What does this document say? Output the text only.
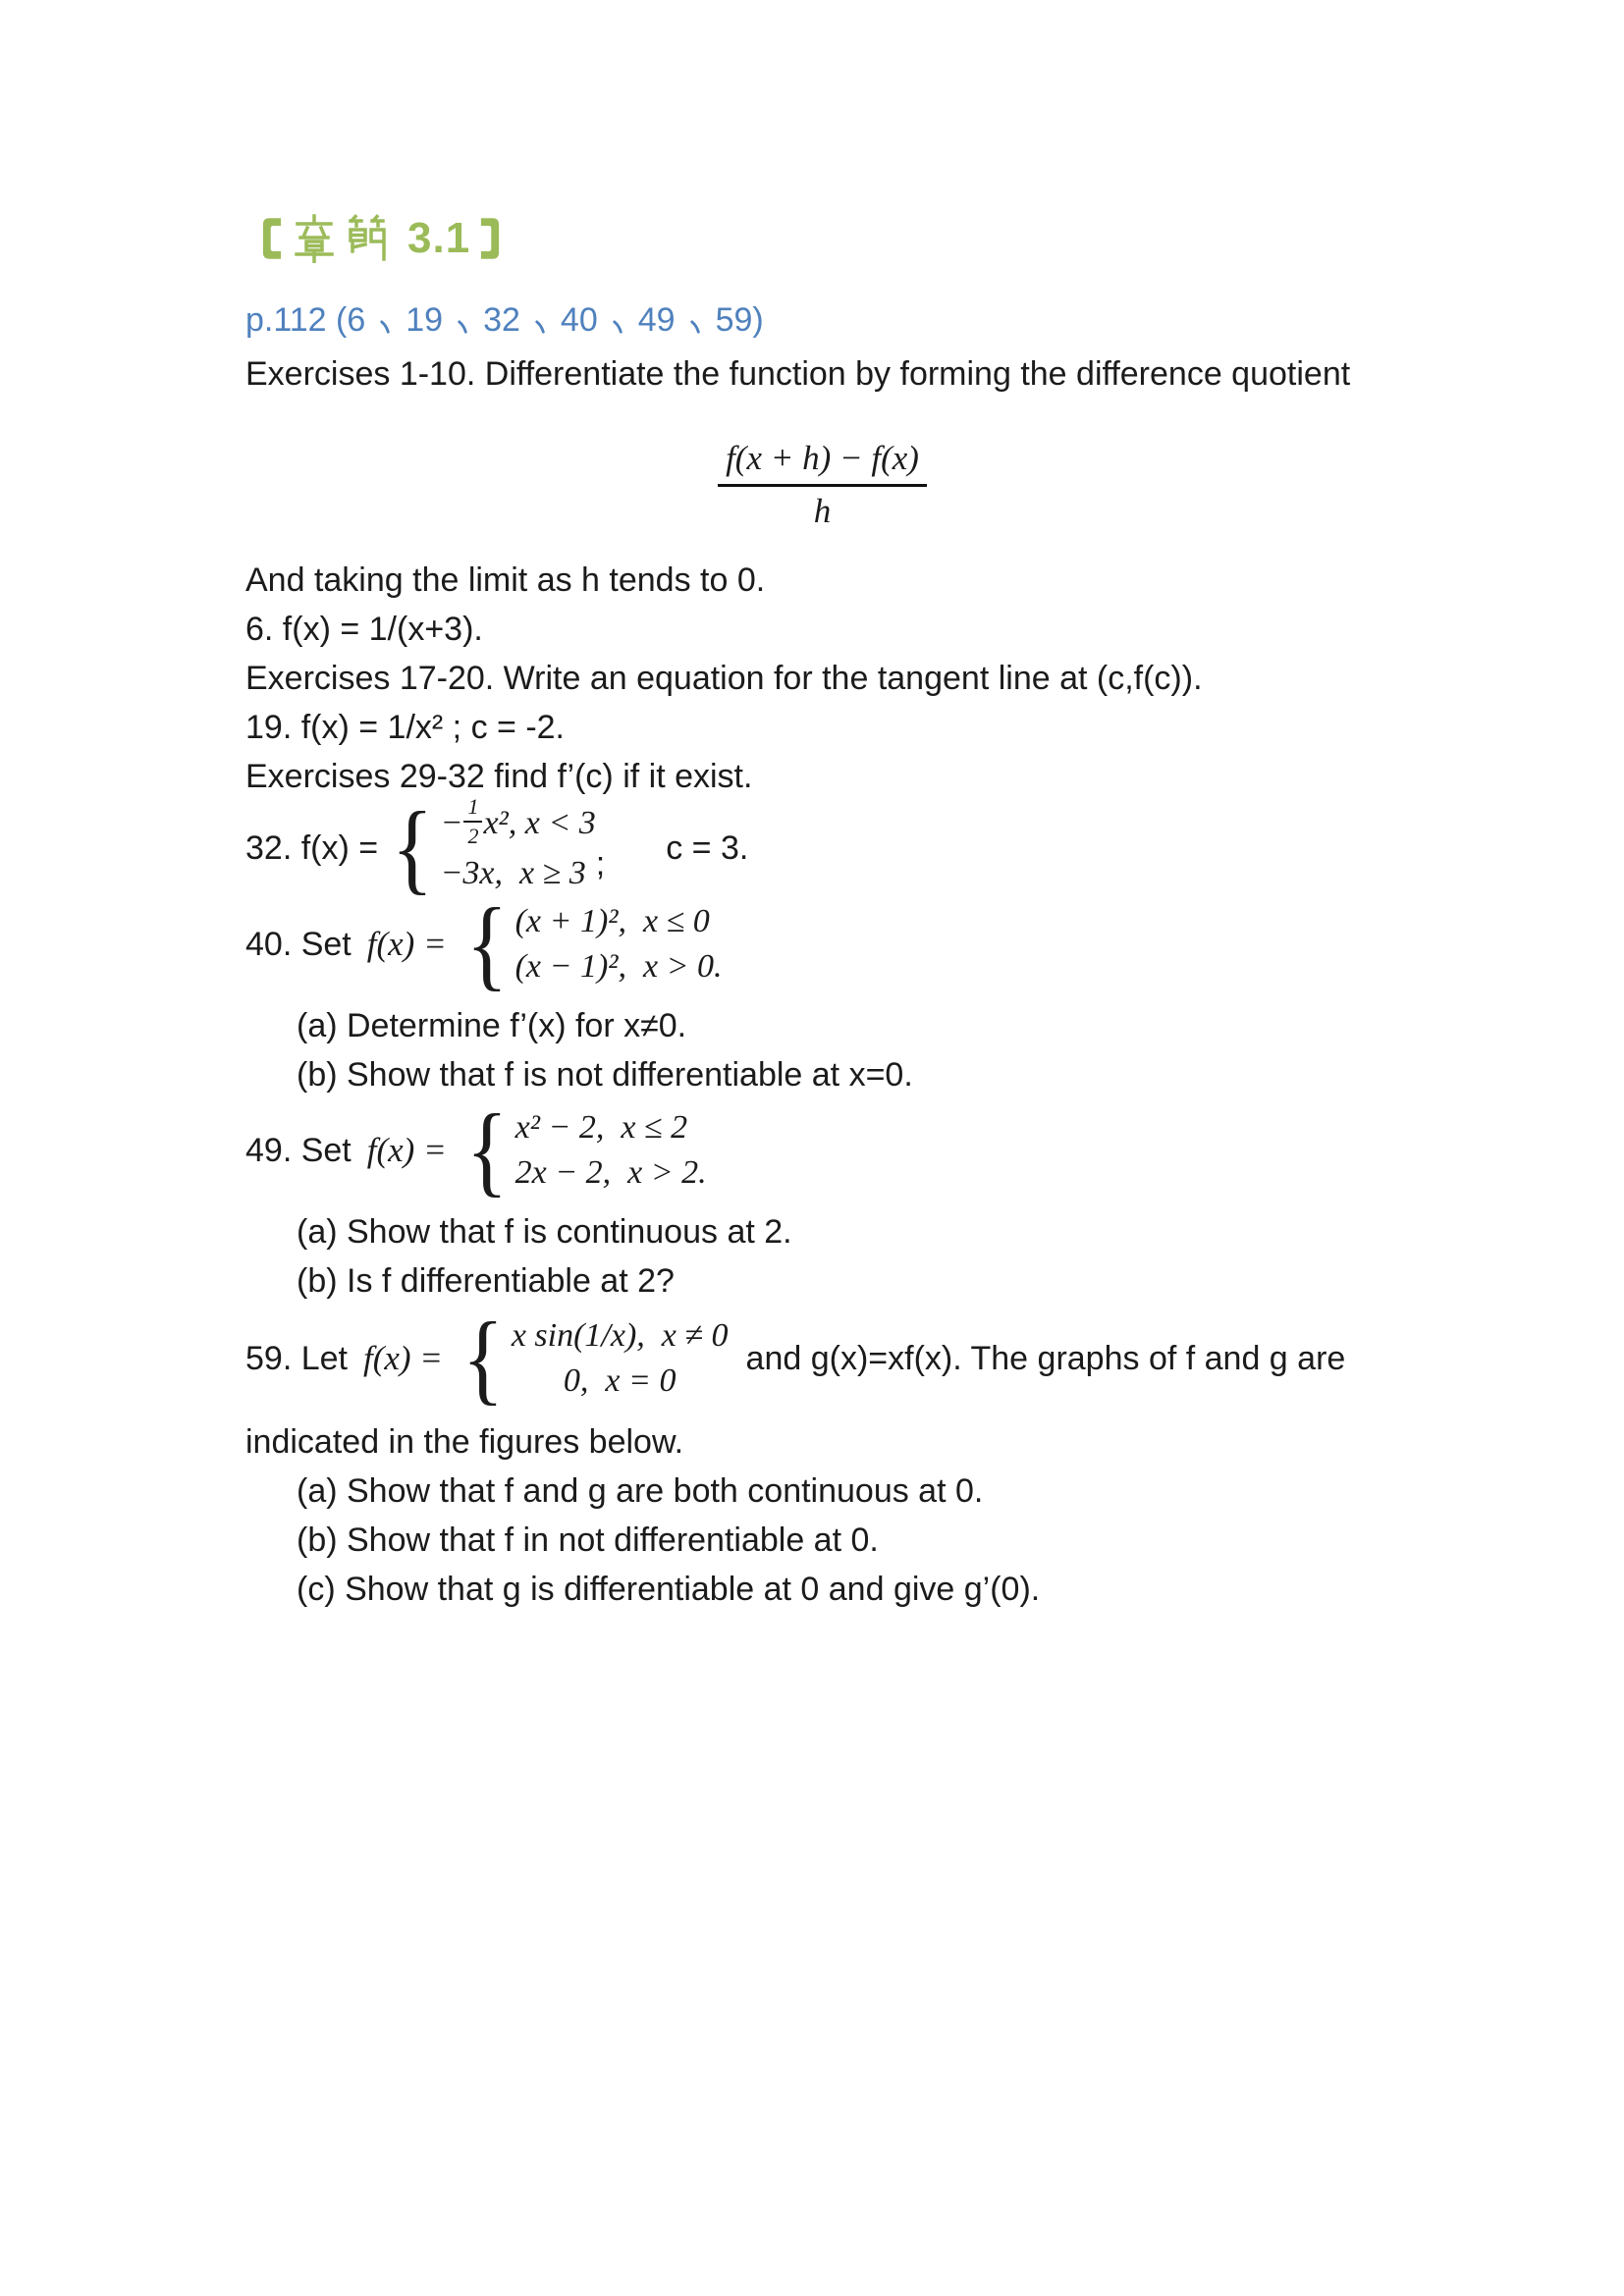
3.1
p.112 ( 6 19 32 40 49 59 )

Exercises 1-10. Differentiate the function by forming the difference quotient

$\frac{f(x + h) - f(x)}{h}$

And taking the limit as h tends to 0.

6. f(x) = 1/(x+3).

Exercises 17-20. Write an equation for the tangent line at (c,f(c)).

19. f(x) = 1/x² ; c = -2.

Exercises 29-32 find f’(c) if it exist.

32. f(x) = { − $\frac{1}{2} x^2$, x < 3
−3x,  x ≥ 3 ; c = 3.
40. Set f(x) = { (x + 1)²,  x ≤ 0
(x − 1)²,  x > 0.

(a) Determine f’(x) for x≠0.

(b) Show that f is not differentiable at x=0.

49. Set f(x) = { x² − 2,  x ≤ 2
2x − 2,  x > 2.

(a) Show that f is continuous at 2.

(b) Is f differentiable at 2?

59. Let f(x) = { x sin(1/x),  x ≠ 0
0,  x = 0
and g(x)=xf(x). The graphs of f and g are

indicated in the figures below.

(a) Show that f and g are both continuous at 0.

(b) Show that f in not differentiable at 0.

(c) Show that g is differentiable at 0 and give g’(0).
